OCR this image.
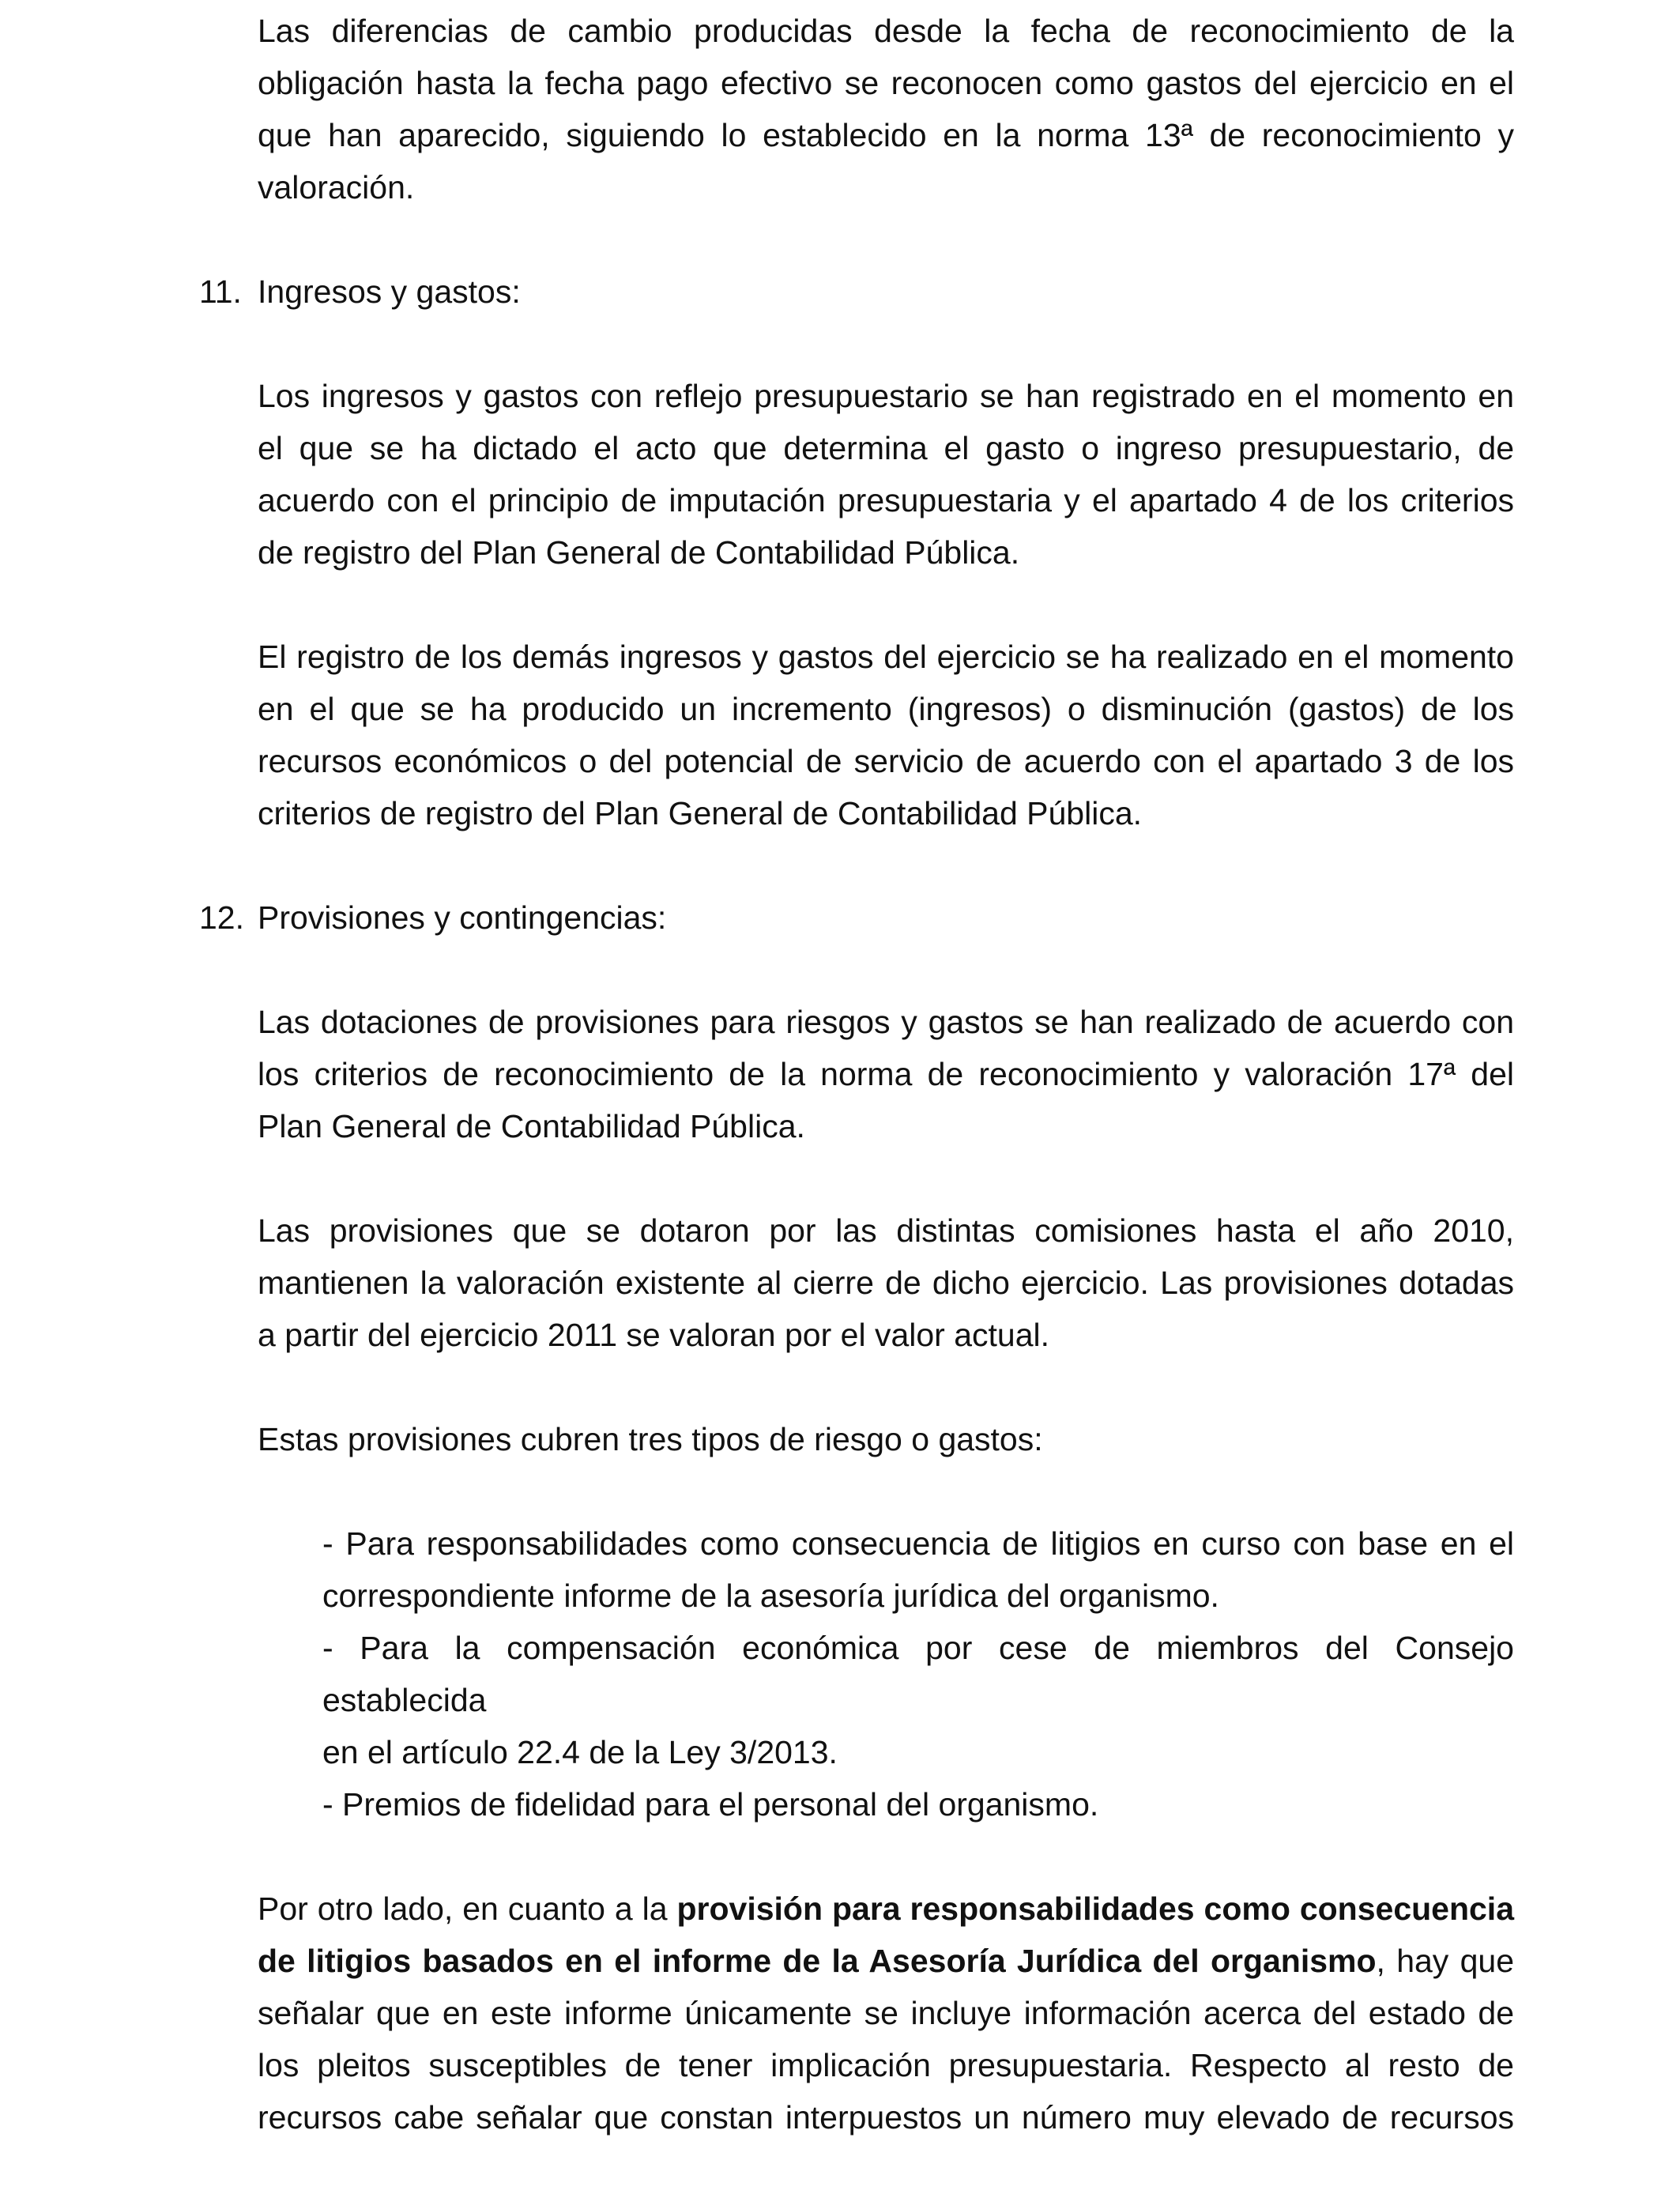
Las diferencias de cambio producidas desde la fecha de reconocimiento de la
obligación hasta la fecha pago efectivo se reconocen como gastos del ejercicio en el
que han aparecido, siguiendo lo establecido en la norma 13ª de reconocimiento y
valoración.
11. Ingresos y gastos:
Los ingresos y gastos con reflejo presupuestario se han registrado en el momento en
el que se ha dictado el acto que determina el gasto o ingreso presupuestario, de
acuerdo con el principio de imputación presupuestaria y el apartado 4 de los criterios
de registro del Plan General de Contabilidad Pública.
El registro de los demás ingresos y gastos del ejercicio se ha realizado en el momento
en el que se ha producido un incremento (ingresos) o disminución (gastos) de los
recursos económicos o del potencial de servicio de acuerdo con el apartado 3 de los
criterios de registro del Plan General de Contabilidad Pública.
12. Provisiones y contingencias:
Las dotaciones de provisiones para riesgos y gastos se han realizado de acuerdo con
los criterios de reconocimiento de la norma de reconocimiento y valoración 17ª del
Plan General de Contabilidad Pública.
Las provisiones que se dotaron por las distintas comisiones hasta el año 2010,
mantienen la valoración existente al cierre de dicho ejercicio. Las provisiones dotadas
a partir del ejercicio 2011 se valoran por el valor actual.
Estas provisiones cubren tres tipos de riesgo o gastos:
- Para responsabilidades como consecuencia de litigios en curso con base en el
correspondiente informe de la asesoría jurídica del organismo.
- Para la compensación económica por cese de miembros del Consejo
establecida
en el artículo 22.4 de la Ley 3/2013.
- Premios de fidelidad para el personal del organismo.
Por otro lado, en cuanto a la provisión para responsabilidades como consecuencia
de litigios basados en el informe de la Asesoría Jurídica del organismo, hay que
señalar que en este informe únicamente se incluye información acerca del estado de
los pleitos susceptibles de tener implicación presupuestaria. Respecto al resto de
recursos cabe señalar que constan interpuestos un número muy elevado de recursos
